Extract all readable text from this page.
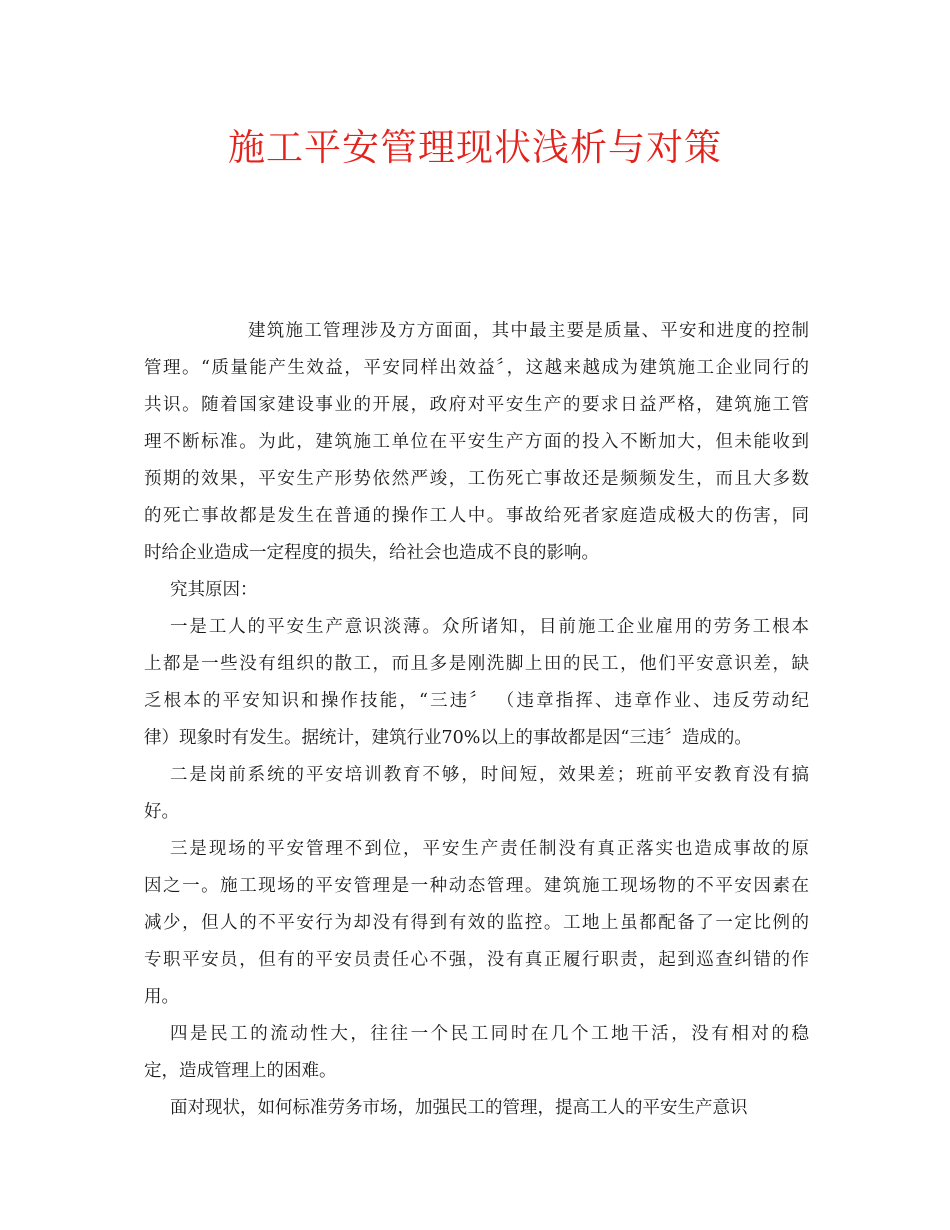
施工平安管理现状浅析与对策
建筑施工管理涉及方方面面，其中最主要是质量、平安和进度的控制
管理。“质量能产生效益，平安同样出效益〞，这越来越成为建筑施工企业同行的
共识。随着国家建设事业的开展，政府对平安生产的要求日益严格，建筑施工管
理不断标准。为此，建筑施工单位在平安生产方面的投入不断加大，但未能收到
预期的效果，平安生产形势依然严竣，工伤死亡事故还是频频发生，而且大多数
的死亡事故都是发生在普通的操作工人中。事故给死者家庭造成极大的伤害，同
时给企业造成一定程度的损失，给社会也造成不良的影响。
究其原因：
一是工人的平安生产意识淡薄。众所诸知，目前施工企业雇用的劳务工根本
上都是一些没有组织的散工，而且多是刚洗脚上田的民工，他们平安意识差，缺
乏根本的平安知识和操作技能，“三违〞 （违章指挥、违章作业、违反劳动纪
律）现象时有发生。据统计，建筑行业70%以上的事故都是因“三违〞造成的。
二是岗前系统的平安培训教育不够，时间短，效果差；班前平安教育没有搞
好。
三是现场的平安管理不到位，平安生产责任制没有真正落实也造成事故的原
因之一。施工现场的平安管理是一种动态管理。建筑施工现场物的不平安因素在
减少，但人的不平安行为却没有得到有效的监控。工地上虽都配备了一定比例的
专职平安员，但有的平安员责任心不强，没有真正履行职责，起到巡查纠错的作
用。
四是民工的流动性大，往往一个民工同时在几个工地干活，没有相对的稳
定，造成管理上的困难。
面对现状，如何标准劳务市场，加强民工的管理，提高工人的平安生产意识
